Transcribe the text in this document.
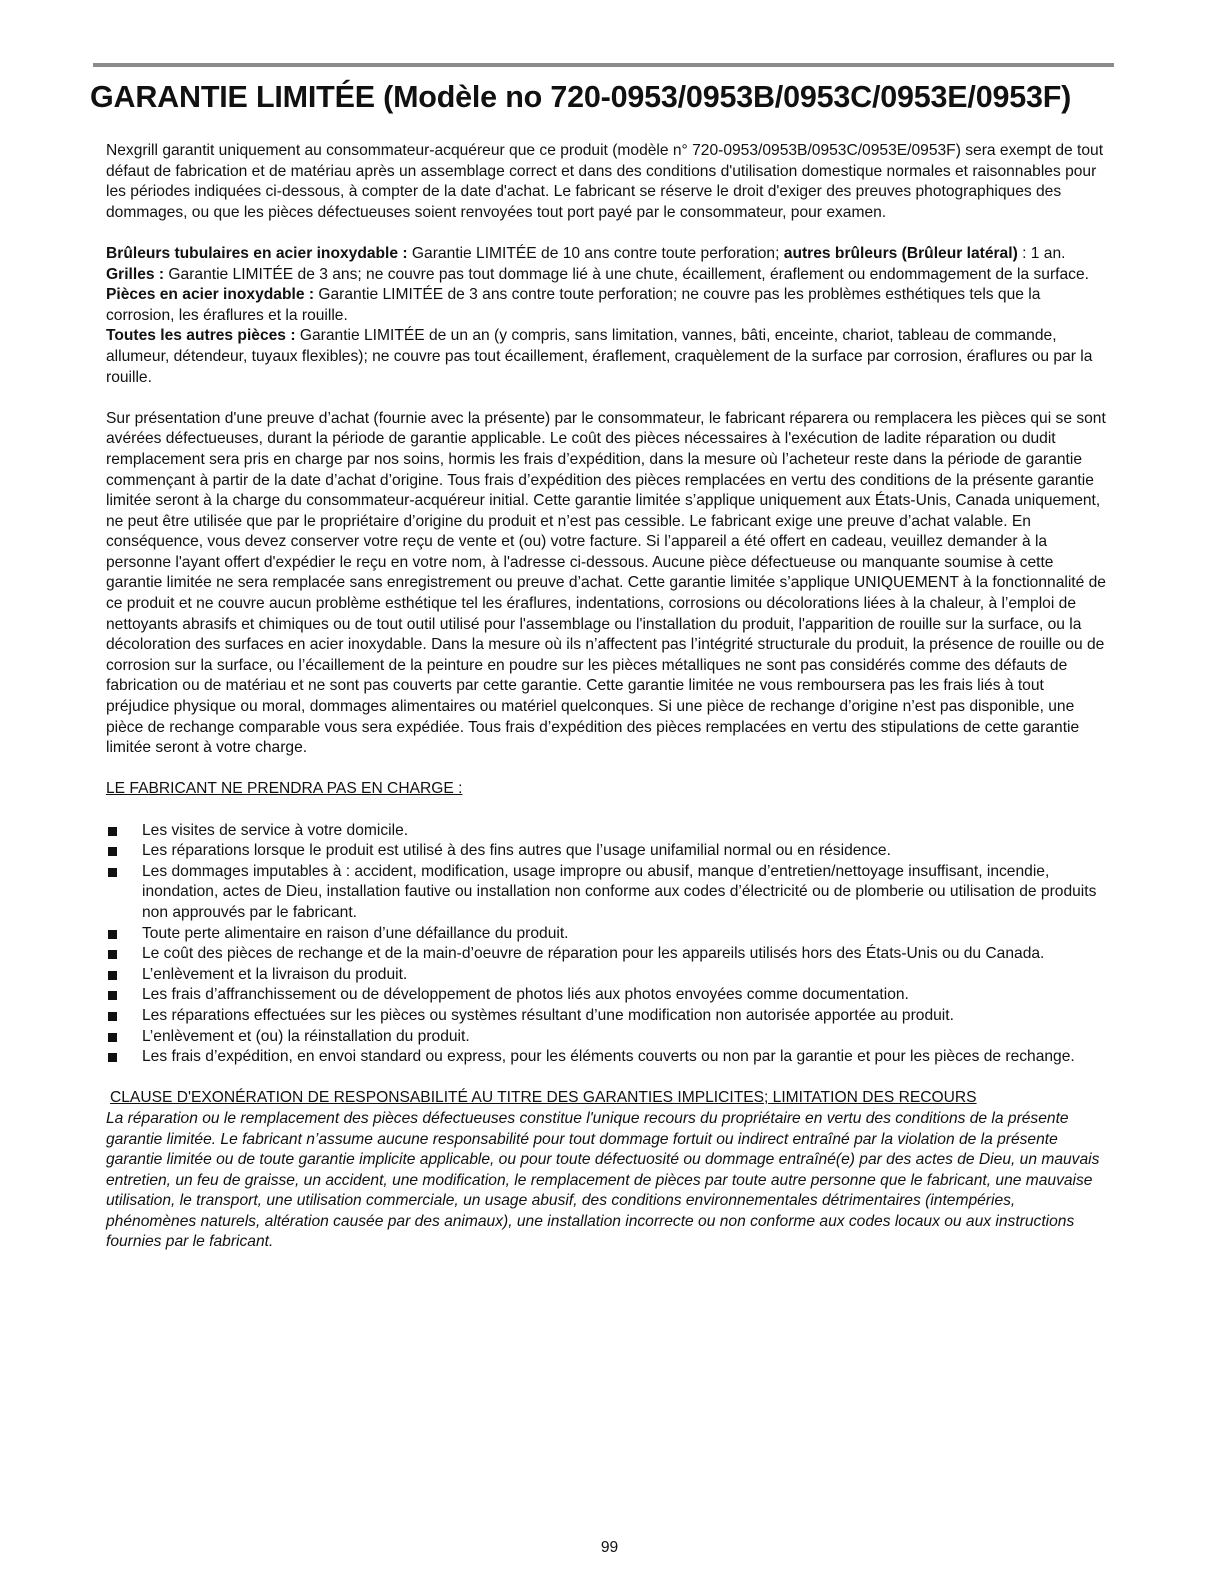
GARANTIE LIMITÉE (Modèle no 720-0953/0953B/0953C/0953E/0953F)

Nexgrill garantit uniquement au consommateur-acquéreur que ce produit (modèle n° 720-0953/0953B/0953C/0953E/0953F) sera exempt de tout défaut de fabrication et de matériau après un assemblage correct et dans des conditions d'utilisation domestique normales et raisonnables pour les périodes indiquées ci-dessous, à compter de la date d'achat. Le fabricant se réserve le droit d'exiger des preuves photographiques des dommages, ou que les pièces défectueuses soient renvoyées tout port payé par le consommateur, pour examen.

Brûleurs tubulaires en acier inoxydable : Garantie LIMITÉE de 10 ans contre toute perforation; autres brûleurs (Brûleur latéral) : 1 an.

Grilles : Garantie LIMITÉE de 3 ans; ne couvre pas tout dommage lié à une chute, écaillement, éraflement ou endommagement de la surface.

Pièces en acier inoxydable : Garantie LIMITÉE de 3 ans contre toute perforation; ne couvre pas les problèmes esthétiques tels que la corrosion, les éraflures et la rouille.

Toutes les autres pièces : Garantie LIMITÉE de un an (y compris, sans limitation, vannes, bâti, enceinte, chariot, tableau de commande, allumeur, détendeur, tuyaux flexibles); ne couvre pas tout écaillement, éraflement, craquèlement de la surface par corrosion, éraflures ou par la rouille.

Sur présentation d'une preuve d’achat (fournie avec la présente) par le consommateur, le fabricant réparera ou remplacera les pièces qui se sont avérées défectueuses, durant la période de garantie applicable. Le coût des pièces nécessaires à l'exécution de ladite réparation ou dudit remplacement sera pris en charge par nos soins, hormis les frais d’expédition, dans la mesure où l’acheteur reste dans la période de garantie commençant à partir de la date d’achat d’origine. Tous frais d’expédition des pièces remplacées en vertu des conditions de la présente garantie limitée seront à la charge du consommateur-acquéreur initial. Cette garantie limitée s’applique uniquement aux États-Unis, Canada uniquement, ne peut être utilisée que par le propriétaire d’origine du produit et n’est pas cessible. Le fabricant exige une preuve d’achat valable. En conséquence, vous devez conserver votre reçu de vente et (ou) votre facture. Si l’appareil a été offert en cadeau, veuillez demander à la personne l'ayant offert d'expédier le reçu en votre nom, à l'adresse ci-dessous. Aucune pièce défectueuse ou manquante soumise à cette garantie limitée ne sera remplacée sans enregistrement ou preuve d’achat. Cette garantie limitée s’applique UNIQUEMENT à la fonctionnalité de ce produit et ne couvre aucun problème esthétique tel les éraflures, indentations, corrosions ou décolorations liées à la chaleur, à l’emploi de nettoyants abrasifs et chimiques ou de tout outil utilisé pour l'assemblage ou l'installation du produit, l'apparition de rouille sur la surface, ou la décoloration des surfaces en acier inoxydable. Dans la mesure où ils n’affectent pas l’intégrité structurale du produit, la présence de rouille ou de corrosion sur la surface, ou l’écaillement de la peinture en poudre sur les pièces métalliques ne sont pas considérés comme des défauts de fabrication ou de matériau et ne sont pas couverts par cette garantie. Cette garantie limitée ne vous remboursera pas les frais liés à tout préjudice physique ou moral, dommages alimentaires ou matériel quelconques. Si une pièce de rechange d’origine n’est pas disponible, une pièce de rechange comparable vous sera expédiée. Tous frais d’expédition des pièces remplacées en vertu des stipulations de cette garantie limitée seront à votre charge.

LE FABRICANT NE PRENDRA PAS EN CHARGE :

Les visites de service à votre domicile.
Les réparations lorsque le produit est utilisé à des fins autres que l’usage unifamilial normal ou en résidence.
Les dommages imputables à : accident, modification, usage impropre ou abusif, manque d’entretien/nettoyage insuffisant, incendie, inondation, actes de Dieu, installation fautive ou installation non conforme aux codes d’électricité ou de plomberie ou utilisation de produits non approuvés par le fabricant.
Toute perte alimentaire en raison d’une défaillance du produit.
Le coût des pièces de rechange et de la main-d’oeuvre de réparation pour les appareils utilisés hors des États-Unis ou du Canada.
L’enlèvement et la livraison du produit.
Les frais d’affranchissement ou de développement de photos liés aux photos envoyées comme documentation.
Les réparations effectuées sur les pièces ou systèmes résultant d’une modification non autorisée apportée au produit.
L’enlèvement et (ou) la réinstallation du produit.
Les frais d’expédition, en envoi standard ou express, pour les éléments couverts ou non par la garantie et pour les pièces de rechange.

CLAUSE D'EXONÉRATION DE RESPONSABILITÉ AU TITRE DES GARANTIES IMPLICITES; LIMITATION DES RECOURS

La réparation ou le remplacement des pièces défectueuses constitue l'unique recours du propriétaire en vertu des conditions de la présente garantie limitée. Le fabricant n’assume aucune responsabilité pour tout dommage fortuit ou indirect entraîné par la violation de la présente garantie limitée ou de toute garantie implicite applicable, ou pour toute défectuosité ou dommage entraîné(e) par des actes de Dieu, un mauvais entretien, un feu de graisse, un accident, une modification, le remplacement de pièces par toute autre personne que le fabricant, une mauvaise utilisation, le transport, une utilisation commerciale, un usage abusif, des conditions environnementales détrimentaires (intempéries, phénomènes naturels, altération causée par des animaux), une installation incorrecte ou non conforme aux codes locaux ou aux instructions fournies par le fabricant.

99
